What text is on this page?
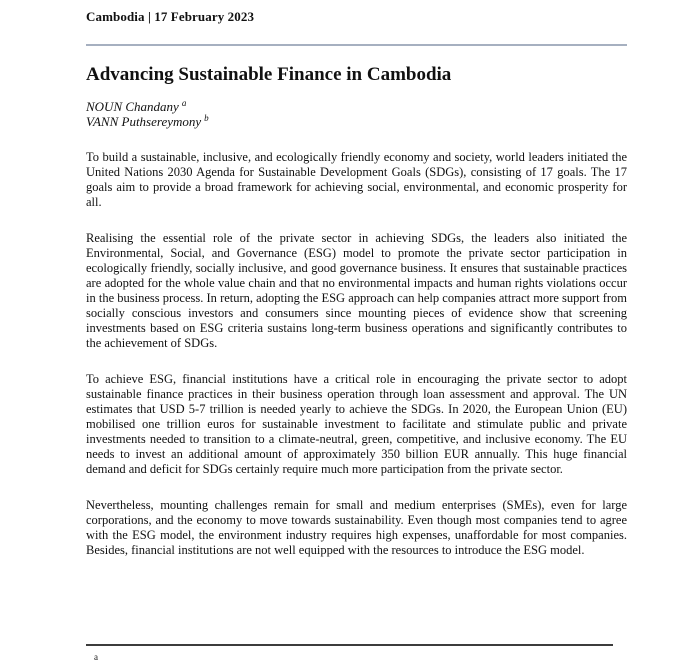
Cambodia | 17 February 2023
Advancing Sustainable Finance in Cambodia
NOUN Chandany $^a$
VANN Puthsereymony $^b$

To build a sustainable, inclusive, and ecologically friendly economy and society, world leaders initiated the United Nations 2030 Agenda for Sustainable Development Goals (SDGs), consisting of 17 goals. The 17 goals aim to provide a broad framework for achieving social, environmental, and economic prosperity for all.

Realising the essential role of the private sector in achieving SDGs, the leaders also initiated the Environmental, Social, and Governance (ESG) model to promote the private sector participation in ecologically friendly, socially inclusive, and good governance business. It ensures that sustainable practices are adopted for the whole value chain and that no environmental impacts and human rights violations occur in the business process. In return, adopting the ESG approach can help companies attract more support from socially conscious investors and consumers since mounting pieces of evidence show that screening investments based on ESG criteria sustains long-term business operations and significantly contributes to the achievement of SDGs.

To achieve ESG, financial institutions have a critical role in encouraging the private sector to adopt sustainable finance practices in their business operation through loan assessment and approval. The UN estimates that USD 5-7 trillion is needed yearly to achieve the SDGs. In 2020, the European Union (EU) mobilised one trillion euros for sustainable investment to facilitate and stimulate public and private investments needed to transition to a climate-neutral, green, competitive, and inclusive economy. The EU needs to invest an additional amount of approximately 350 billion EUR annually. This huge financial demand and deficit for SDGs certainly require much more participation from the private sector.

Nevertheless, mounting challenges remain for small and medium enterprises (SMEs), even for large corporations, and the economy to move towards sustainability. Even though most companies tend to agree with the ESG model, the environment industry requires high expenses, unaffordable for most companies. Besides, financial institutions are not well equipped with the resources to introduce the ESG model.

a
